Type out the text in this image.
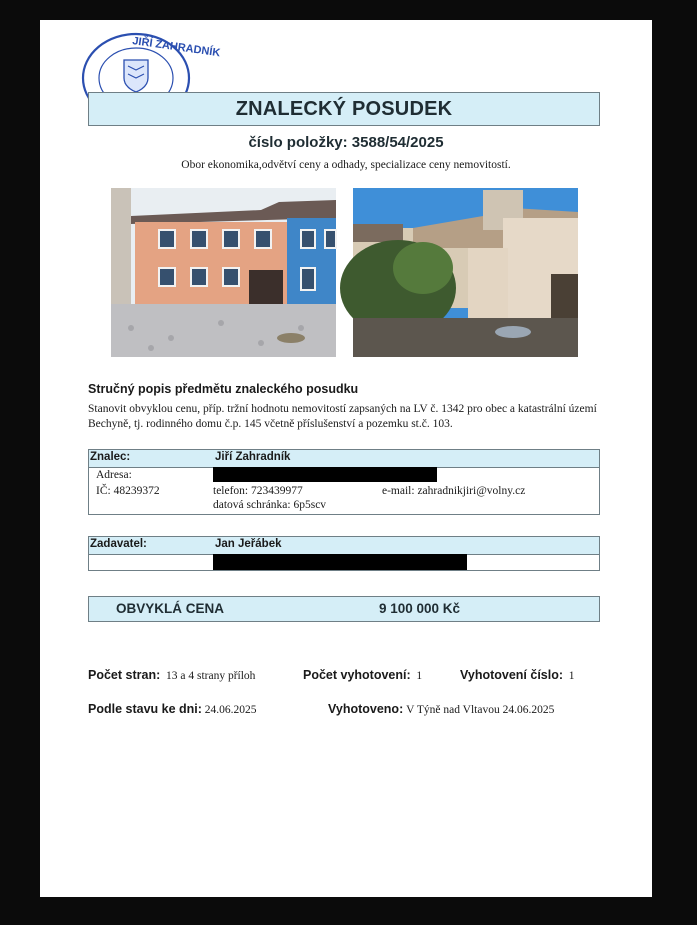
JIŘÍ ZAHRADNÍK
ZNALECKÝ POSUDEK
číslo položky: 3588/54/2025
Obor ekonomika,odvětví ceny a odhady, specializace ceny nemovitostí.
Stručný popis předmětu znaleckého posudku
Stanovit obvyklou cenu, příp. tržní hodnotu nemovitostí zapsaných na LV č. 1342 pro obec a katastrální území Bechyně, tj. rodinného domu č.p. 145 včetně příslušenství a pozemku st.č. 103.
Znalec:	Jiří Zahradník
Adresa:
IČ: 48239372	telefon: 723439977	e-mail: zahradnikjiri@volny.cz
datová schránka: 6p5scv
Zadavatel:	Jan Jeřábek
OBVYKLÁ CENA	9 100 000 Kč
Počet stran: 13 a 4 strany příloh	Počet vyhotovení: 1	Vyhotovení číslo: 1
Podle stavu ke dni: 24.06.2025	Vyhotoveno: V Týně nad Vltavou 24.06.2025
